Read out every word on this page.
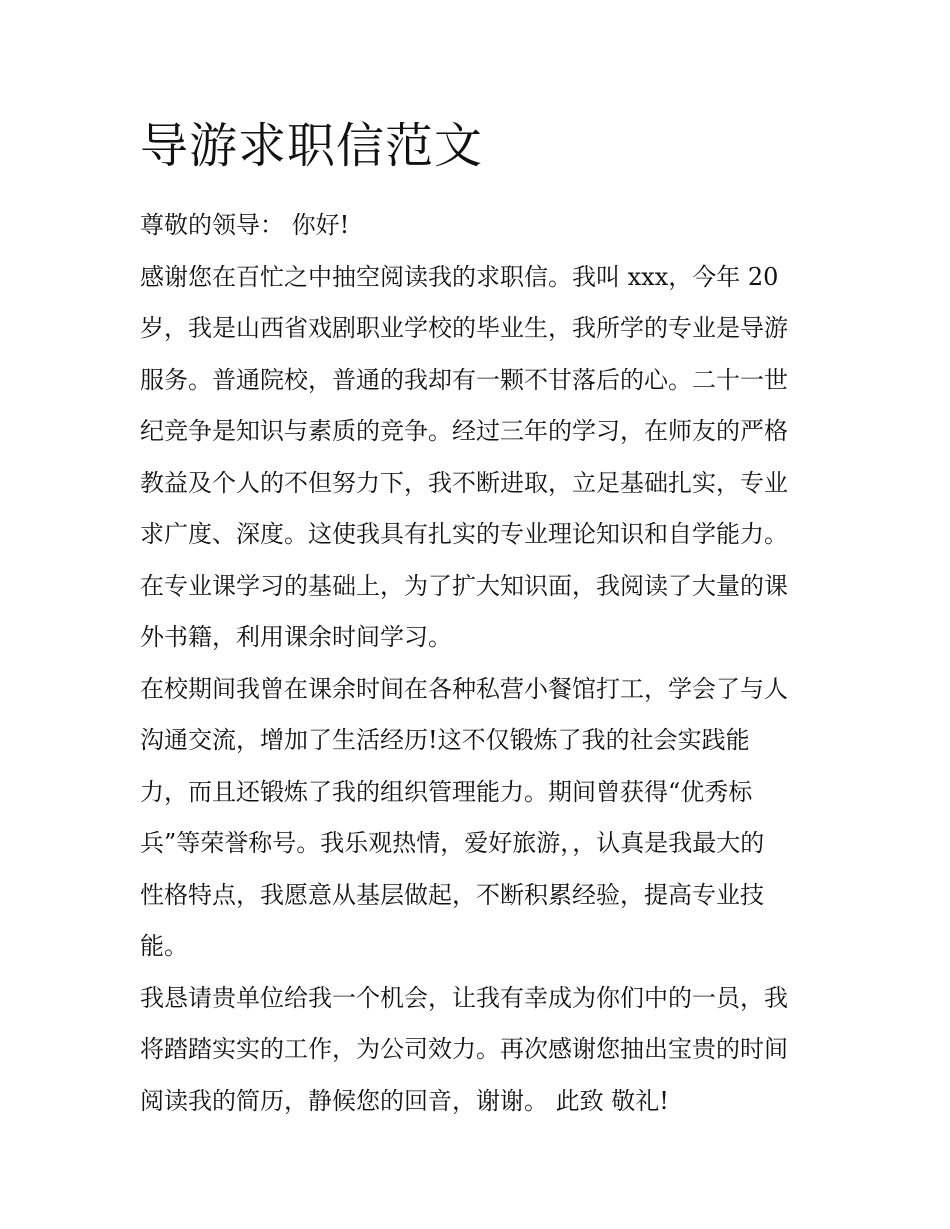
导游求职信范文

尊敬的领导： 你好!

感谢您在百忙之中抽空阅读我的求职信。我叫 xxx，今年 20

岁，我是山西省戏剧职业学校的毕业生，我所学的专业是导游

服务。普通院校，普通的我却有一颗不甘落后的心。二十一世

纪竞争是知识与素质的竞争。经过三年的学习，在师友的严格

教益及个人的不但努力下，我不断进取，立足基础扎实，专业

求广度、深度。这使我具有扎实的专业理论知识和自学能力。

在专业课学习的基础上，为了扩大知识面，我阅读了大量的课

外书籍，利用课余时间学习。

在校期间我曾在课余时间在各种私营小餐馆打工，学会了与人

沟通交流，增加了生活经历!这不仅锻炼了我的社会实践能

力，而且还锻炼了我的组织管理能力。期间曾获得“优秀标

兵”等荣誉称号。我乐观热情，爱好旅游，，认真是我最大的

性格特点，我愿意从基层做起，不断积累经验，提高专业技

能。

我恳请贵单位给我一个机会，让我有幸成为你们中的一员，我

将踏踏实实的工作，为公司效力。再次感谢您抽出宝贵的时间

阅读我的简历，静候您的回音，谢谢。 此致 敬礼!
